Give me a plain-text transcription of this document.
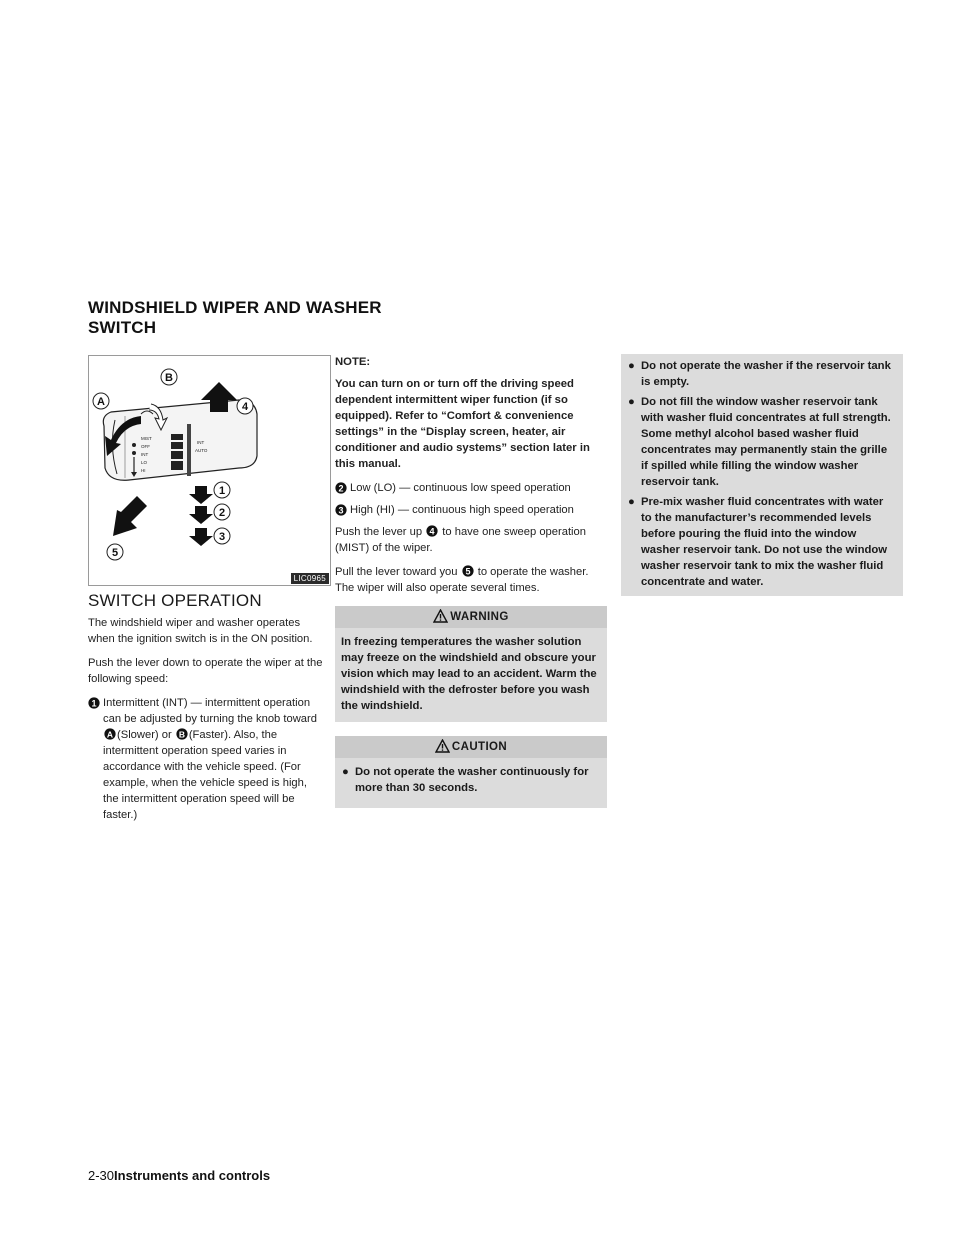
WINDSHIELD WIPER AND WASHER SWITCH
MIST
OFF
INT
LO
HI
INT
AUTO
A
B
4
5
1
2
3
LIC0965
SWITCH OPERATION

The windshield wiper and washer operates when the ignition switch is in the ON position.

Push the lever down to operate the wiper at the following speed:

1 Intermittent (INT) — intermittent operation can be adjusted by turning the knob toward
A (Slower) or B (Faster). Also, the intermittent operation speed varies in accordance with the vehicle speed. (For example, when the vehicle speed is high, the intermittent operation speed will be faster.)

NOTE:

You can turn on or turn off the driving speed dependent intermittent wiper function (if so equipped). Refer to “Comfort & convenience settings” in the “Display screen, heater, air conditioner and audio systems” section later in this manual.

2 Low (LO) — continuous low speed operation
3 High (HI) — continuous high speed operation

Push the lever up 4 to have one sweep operation (MIST) of the wiper.

Pull the lever toward you 5 to operate the washer. The wiper will also operate several times.

WARNING
In freezing temperatures the washer solution may freeze on the windshield and obscure your vision which may lead to an accident. Warm the windshield with the defroster before you wash the windshield.
CAUTION
● Do not operate the washer continuously for more than 30 seconds.
● Do not operate the washer if the reservoir tank is empty.
● Do not fill the window washer reservoir tank with washer fluid concentrates at full strength. Some methyl alcohol based washer fluid concentrates may permanently stain the grille if spilled while filling the window washer reservoir tank.
● Pre-mix washer fluid concentrates with water to the manufacturer’s recommended levels before pouring the fluid into the window washer reservoir tank. Do not use the window washer reservoir tank to mix the washer fluid concentrate and water.
2-30Instruments and controls
